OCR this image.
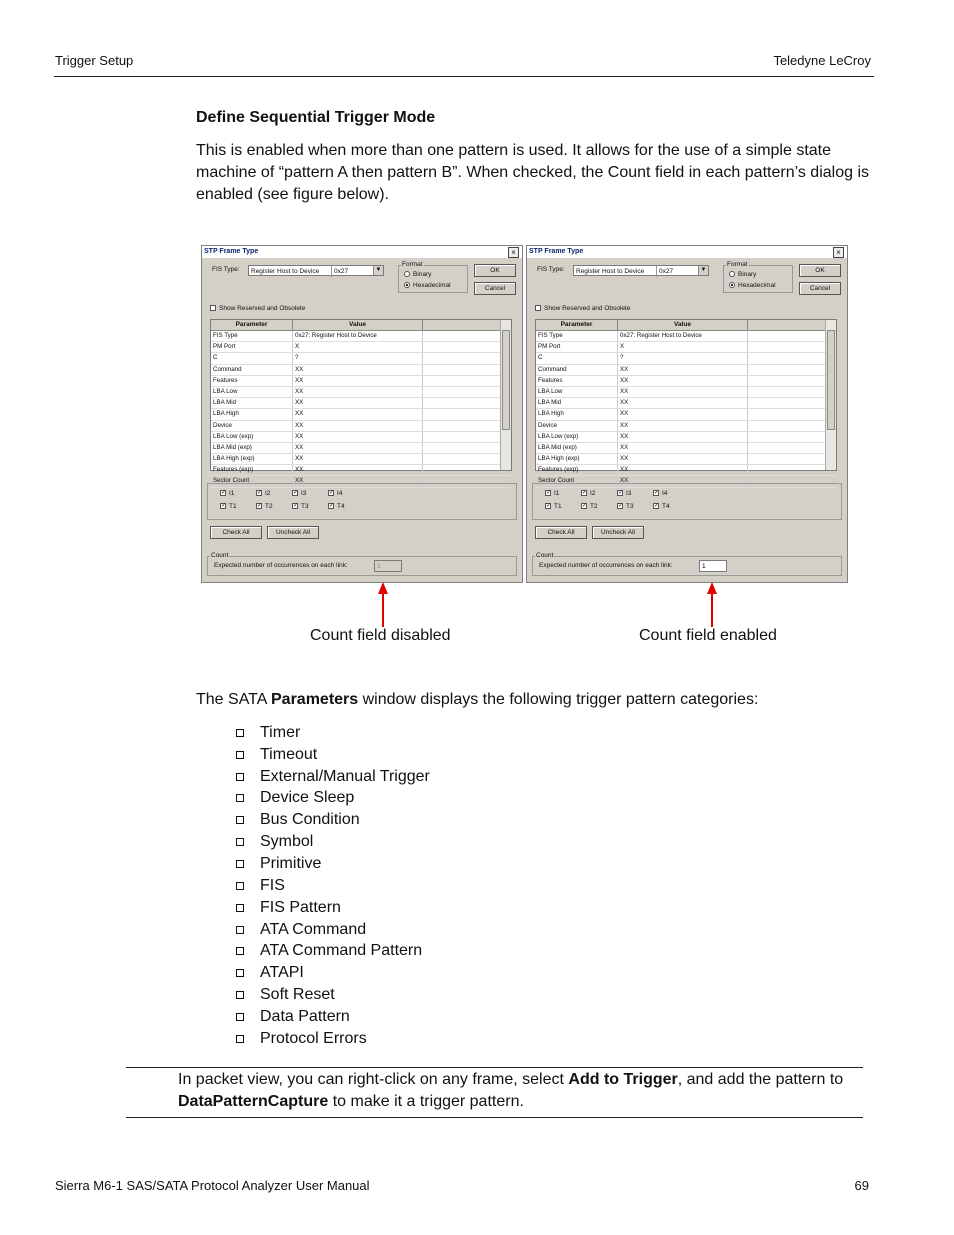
Trigger Setup	Teledyne LeCroy
Define Sequential Trigger Mode

This is enabled when more than one pattern is used. It allows for the use of a simple state machine of “pattern A then pattern B”. When checked, the Count field in each pattern’s dialog is enabled (see figure below).

STP Frame Type	×
FIS Type:	Register Host to Device	0x27	▼
Format
Binary
Hexadecimal
OK
Cancel
Show Reserved and Obsolete
Parameter	Value
FIS Type	0x27: Register Host to Device
PM Port	X
C	?
Command	XX
Features	XX
LBA Low	XX
LBA Mid	XX
LBA High	XX
Device	XX
LBA Low (exp)	XX
LBA Mid (exp)	XX
LBA High (exp)	XX
Features (exp)	XX
Sector Count	XX
✓ I1	✓ I2	✓ I3	✓ I4
✓ T1	✓ T2	✓ T3	✓ T4
Check All	Uncheck All
Count
Expected number of occurrences on each link:	1
STP Frame Type	×
FIS Type:	Register Host to Device	0x27	▼
Format
Binary
Hexadecimal
OK
Cancel
Show Reserved and Obsolete
Parameter	Value
FIS Type	0x27: Register Host to Device
PM Port	X
C	?
Command	XX
Features	XX
LBA Low	XX
LBA Mid	XX
LBA High	XX
Device	XX
LBA Low (exp)	XX
LBA Mid (exp)	XX
LBA High (exp)	XX
Features (exp)	XX
Sector Count	XX
✓ I1	✓ I2	✓ I3	✓ I4
✓ T1	✓ T2	✓ T3	✓ T4
Check All	Uncheck All
Count
Expected number of occurrences on each link:	1
Count field disabled	Count field enabled

The SATA Parameters window displays the following trigger pattern categories:

Timer
Timeout
External/Manual Trigger
Device Sleep
Bus Condition
Symbol
Primitive
FIS
FIS Pattern
ATA Command
ATA Command Pattern
ATAPI
Soft Reset
Data Pattern
Protocol Errors

In packet view, you can right-click on any frame, select Add to Trigger, and add the pattern to DataPatternCapture to make it a trigger pattern.

Sierra M6-1 SAS/SATA Protocol Analyzer User Manual	69
